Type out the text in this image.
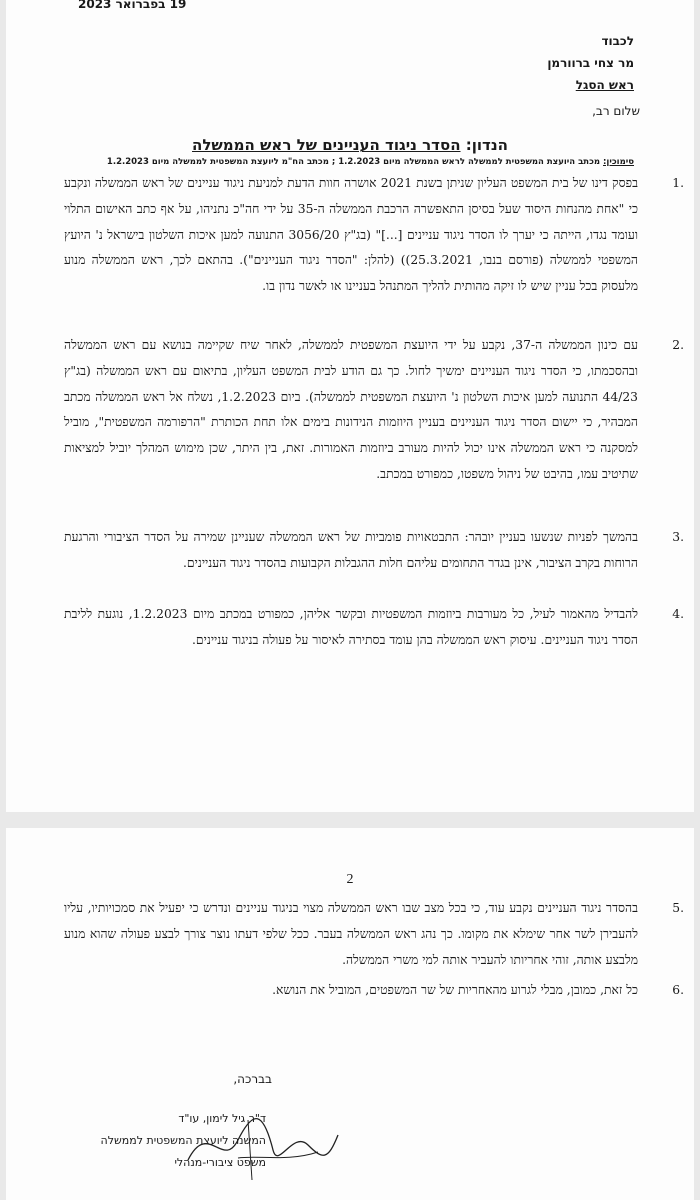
19 בפברואר 2023
לכבוד
מר צחי ברוורמן
ראש הסגל
שלום רב,
הנדון: הסדר ניגוד העניינים של ראש הממשלה
סימוכין: מכתב היועצת המשפטית לממשלה לראש הממשלה מיום 1.2.2023 ; מכתב הח"מ ליועצת המשפטית לממשלה מיום 1.2.2023
1.
בפסק דינו של בית המשפט העליון שניתן בשנת 2021 אושרה חוות הדעת למניעת ניגוד עניינים של ראש הממשלה ונקבע כי "אחת מהנחות היסוד שעל בסיסן התאפשרה הרכבת הממשלה ה-35 על ידי חה"כ נתניהו, על אף כתב האישום התלוי ועומד נגדו, הייתה כי יערך לו הסדר ניגוד עניינים [...]" (בג"ץ 3056/20 התנועה למען איכות השלטון בישראל נ' היועץ המשפטי לממשלה (פורסם בנבו, 25.3.2021)) (להלן: "הסדר ניגוד העניינים"). בהתאם לכך, ראש הממשלה מנוע מלעסוק בכל עניין שיש לו זיקה מהותית להליך המתנהל בעניינו או לאשר נדון בו.
2.
עם כינון הממשלה ה-37, נקבע על ידי היועצת המשפטית לממשלה, לאחר שיח שקיימה בנושא עם ראש הממשלה ובהסכמתו, כי הסדר ניגוד העניינים ימשיך לחול. כך גם הודע לבית המשפט העליון, בתיאום עם ראש הממשלה (בג"ץ 44/23 התנועה למען איכות השלטון נ' היועצת המשפטית לממשלה). ביום 1.2.2023, נשלח אל ראש הממשלה מכתב המבהיר, כי יישום הסדר ניגוד העניינים בעניין היוזמות הנידונות בימים אלו תחת הכותרת "הרפורמה המשפטית", מוביל למסקנה כי ראש הממשלה אינו יכול להיות מעורב ביוזמות האמורות. זאת, בין היתר, שכן מימוש המהלך יוביל למציאות שתיטיב עמו, בהיבט של ניהול משפטו, כמפורט במכתב.
3.
בהמשך לפניות שנשעו בעניין יובהר: התבטאויות פומביות של ראש הממשלה שעניינן שמירה על הסדר הציבורי והרגעת הרוחות בקרב הציבור, אינן בגדר התחומים עליהם חלות ההגבלות הקבועות בהסדר ניגוד העניינים.
4.
להבדיל מהאמור לעיל, כל מעורבות ביוזמות המשפטיות ובקשר אליהן, כמפורט במכתב מיום 1.2.2023, נוגעת לליבת הסדר ניגוד העניינים. עיסוק ראש הממשלה בהן עומד בסתירה לאיסור על פעולה בניגוד עניינים.
2
5.
בהסדר ניגוד העניינים נקבע עוד, כי בכל מצב שבו ראש הממשלה מצוי בניגוד עניינים ונדרש כי יפעיל את סמכויותיו, עליו להעבירן לשר אחר שימלא את מקומו. כך נהג ראש הממשלה בעבר. ככל שלפי דעתו נוצר צורך לבצע פעולה שהוא מנוע מלבצע אותה, זוהי אחריותו להעביר אותה למי משרי הממשלה.
6.
כל זאת, כמובן, מבלי לגרוע מהאחריות של שר המשפטים, המוביל את הנושא.
בברכה,
ד"ר גיל לימון, עו"ד
המשנה ליועצת המשפטית לממשלה
משפט ציבורי-מנהלי
